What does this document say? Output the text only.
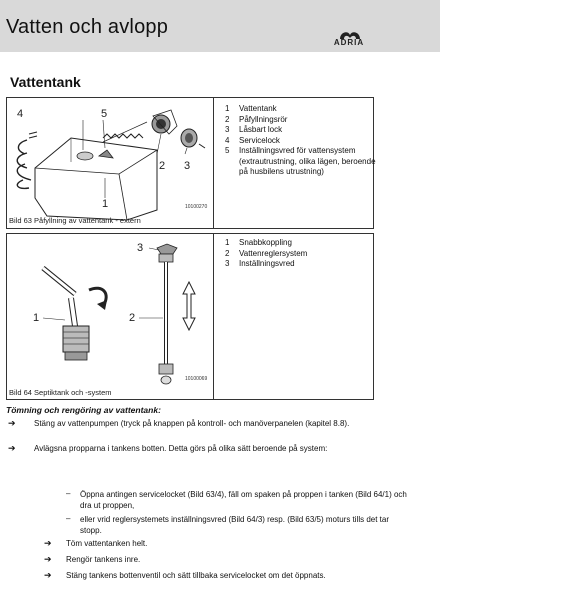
Vatten och avlopp
ADRIA
Vattentank
4	5
2 3
1	10100270
Bild 63 Påfyllning av vattentank - extern
1	Vattentank
2	Påfyllningsrör
3	Låsbart lock
4	Servicelock
5	Inställningsvred för vattensystem (extrautrustning, olika lägen, beroende på husbilens utrustning)
3
1	2
10100069
Bild 64 Septiktank och -system
1	Snabbkoppling
2	Vattenreglersystem
3	Inställningsvred
Tömning och rengöring av vattentank:
➔ Stäng av vattenpumpen (tryck på knappen på kontroll- och manöverpanelen (kapitel 8.8).
➔ Avlägsna propparna i tankens botten. Detta görs på olika sätt beroende på system:
– Öppna antingen servicelocket (Bild 63/4), fäll om spaken på proppen i tanken (Bild 64/1) och dra ut proppen,
– eller vrid reglersystemets inställningsvred (Bild 64/3) resp. (Bild 63/5) moturs tills det tar stopp.
➔ Töm vattentanken helt.
➔ Rengör tankens inre.
➔ Stäng tankens bottenventil och sätt tillbaka servicelocket om det öppnats.
